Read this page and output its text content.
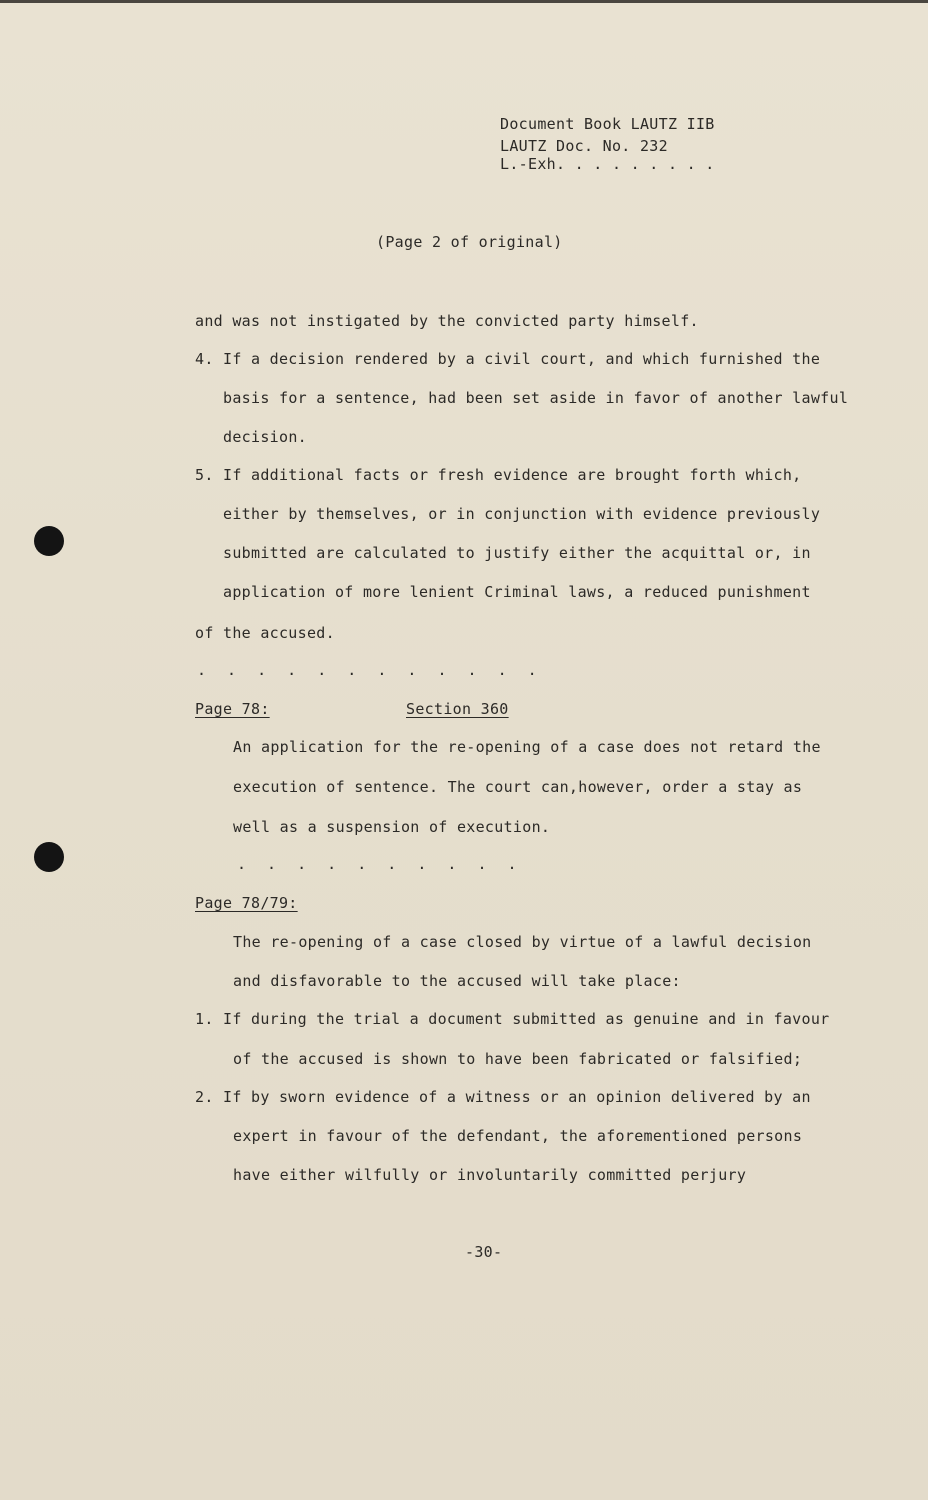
Document Book LAUTZ IIB
LAUTZ Doc. No. 232
L.-Exh. . . . . . . . .
(Page 2 of original)
and was not instigated by the convicted party himself.
4. If a decision rendered by a civil court, and which furnished the
basis for a sentence, had been set aside in favor of another lawful
decision.
5. If additional facts or fresh evidence are brought forth which,
either by themselves, or in conjunction with evidence previously
submitted are calculated to justify either the acquittal or, in
application of more lenient Criminal laws, a reduced punishment
of the accused.
. . . . . . . . . . . .
Page 78:	Section 360
An application for the re-opening of a case does not retard the
execution of sentence. The court can,however, order a stay as
well as a suspension of execution.
. . . . . . . . . .
Page 78/79:
The re-opening of a case closed by virtue of a lawful decision
and disfavorable to the accused will take place:
1. If during the trial a document submitted as genuine and in favour
of the accused is shown to have been fabricated or falsified;
2. If by sworn evidence of a witness or an opinion delivered by an
expert in favour of the defendant, the aforementioned persons
have either wilfully or involuntarily committed perjury
-30-
